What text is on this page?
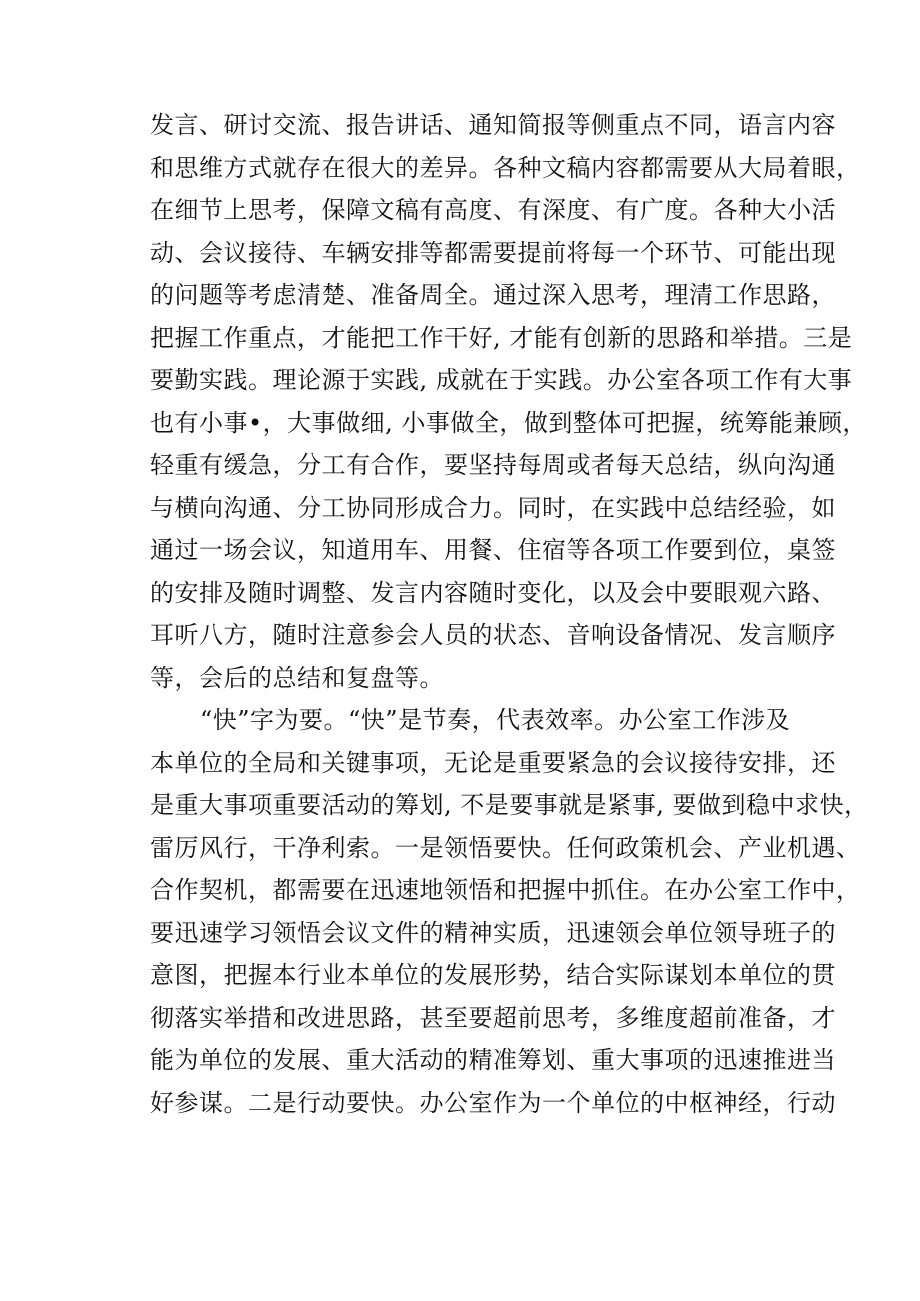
发言、研讨交流、报告讲话、通知简报等侧重点不同，语言内容
和思维方式就存在很大的差异。各种文稿内容都需要从大局着眼，
在细节上思考，保障文稿有高度、有深度、有广度。各种大小活
动、会议接待、车辆安排等都需要提前将每一个环节、可能出现
的问题等考虑清楚、准备周全。通过深入思考，理清工作思路，
把握工作重点，才能把工作干好, 才能有创新的思路和举措。三是
要勤实践。理论源于实践, 成就在于实践。办公室各项工作有大事
也有小事•，大事做细, 小事做全，做到整体可把握，统筹能兼顾，
轻重有缓急，分工有合作，要坚持每周或者每天总结，纵向沟通
与横向沟通、分工协同形成合力。同时，在实践中总结经验，如
通过一场会议，知道用车、用餐、住宿等各项工作要到位，桌签
的安排及随时调整、发言内容随时变化，以及会中要眼观六路、
耳听八方，随时注意参会人员的状态、音响设备情况、发言顺序
等，会后的总结和复盘等。
“快”字为要。“快”是节奏，代表效率。办公室工作涉及
本单位的全局和关键事项，无论是重要紧急的会议接待安排，还
是重大事项重要活动的筹划, 不是要事就是紧事, 要做到稳中求快，
雷厉风行，干净利索。一是领悟要快。任何政策机会、产业机遇、
合作契机，都需要在迅速地领悟和把握中抓住。在办公室工作中，
要迅速学习领悟会议文件的精神实质，迅速领会单位领导班子的
意图，把握本行业本单位的发展形势，结合实际谋划本单位的贯
彻落实举措和改进思路，甚至要超前思考，多维度超前准备，才
能为单位的发展、重大活动的精准筹划、重大事项的迅速推进当
好参谋。二是行动要快。办公室作为一个单位的中枢神经，行动
